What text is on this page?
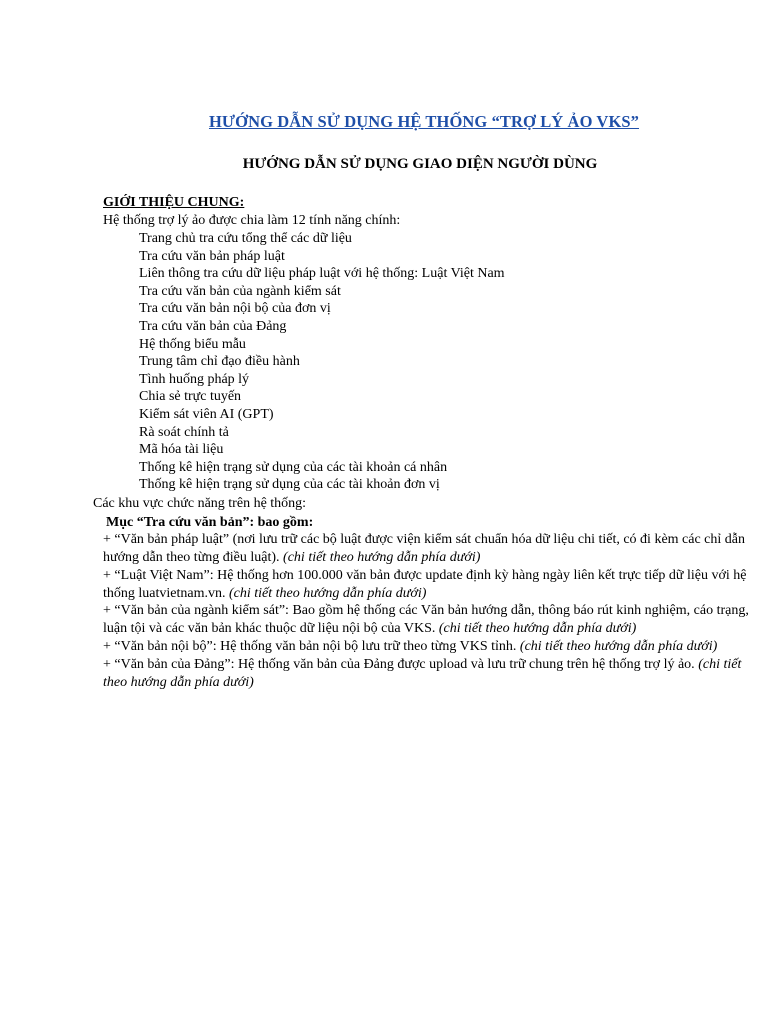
HƯỚNG DẪN SỬ DỤNG HỆ THỐNG “TRỢ LÝ ẢO VKS”
HƯỚNG DẪN SỬ DỤNG GIAO DIỆN NGƯỜI DÙNG
GIỚI THIỆU CHUNG:
Hệ thống trợ lý ảo được chia làm 12 tính năng chính:
Trang chủ tra cứu tổng thể các dữ liệu
Tra cứu văn bản pháp luật
Liên thông tra cứu dữ liệu pháp luật với hệ thống: Luật Việt Nam
Tra cứu văn bản của ngành kiểm sát
Tra cứu văn bản nội bộ của đơn vị
Tra cứu văn bản của Đảng
Hệ thống biểu mẫu
Trung tâm chỉ đạo điều hành
Tình huống pháp lý
Chia sẻ trực tuyến
Kiểm sát viên AI (GPT)
Rà soát chính tả
Mã hóa tài liệu
Thống kê hiện trạng sử dụng của các tài khoản cá nhân
Thống kê hiện trạng sử dụng của các tài khoản đơn vị
Các khu vực chức năng trên hệ thống:
Mục “Tra cứu văn bản”: bao gồm:
+ “Văn bản pháp luật” (nơi lưu trữ các bộ luật được viện kiểm sát chuẩn hóa dữ liệu chi tiết, có đi kèm các chỉ dẫn hướng dẫn theo từng điều luật). (chi tiết theo hướng dẫn phía dưới)
+ “Luật Việt Nam”: Hệ thống hơn 100.000 văn bản được update định kỳ hàng ngày liên kết trực tiếp dữ liệu với hệ thống luatvietnam.vn. (chi tiết theo hướng dẫn phía dưới)
+ “Văn bản của ngành kiểm sát”: Bao gồm hệ thống các Văn bản hướng dẫn, thông báo rút kinh nghiệm, cáo trạng, luận tội và các văn bản khác thuộc dữ liệu nội bộ của VKS. (chi tiết theo hướng dẫn phía dưới)
+ “Văn bản nội bộ”: Hệ thống văn bản nội bộ lưu trữ theo từng VKS tỉnh. (chi tiết theo hướng dẫn phía dưới)
+ “Văn bản của Đảng”: Hệ thống văn bản của Đảng được upload và lưu trữ chung trên hệ thống trợ lý ảo. (chi tiết theo hướng dẫn phía dưới)
